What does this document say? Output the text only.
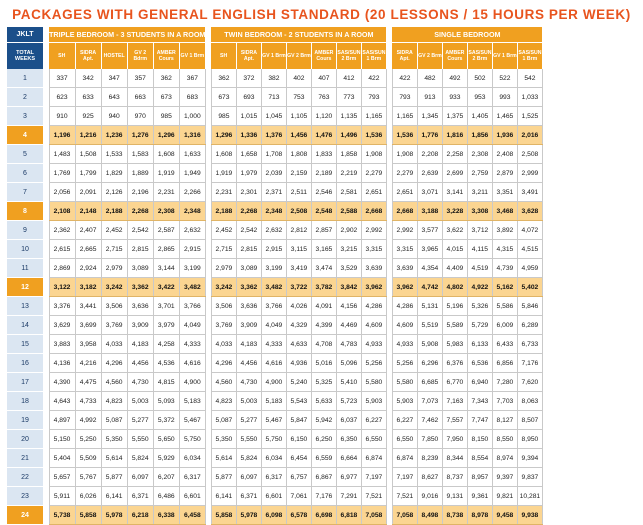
PACKAGES WITH GENERAL ENGLISH STANDARD (20 LESSONS / 15 HOURS PER WEEK)
JKLT		TRIPLE BEDROOM - 3 STUDENTS IN A ROOM							TWIN BEDROOM - 2 STUDENTS IN A ROOM								SINGLE BEDROOM					
TOTAL WEEKS		SH	SIDRA Apt.	HOSTEL	GV 2 Bdrm	AMBER Cours	GV 1 Brm		SH	SIDRA Apt.	GV 1 Brm	GV 2 Brm	AMBER Cours	SAS/SUN 2 Brm	SAS/SUN 1 Brm		SIDRA Apt.	GV 2 Brm	AMBER Cours	SAS/SUN 2 Brm	GV 1 Brm	SAS/SUN 1 Brm
1		337	342	347	357	362	367		362	372	382	402	407	412	422		422	482	492	502	522	542
2		623	633	643	663	673	683		673	693	713	753	763	773	793		793	913	933	953	993	1,033
3		910	925	940	970	985	1,000		985	1,015	1,045	1,105	1,120	1,135	1,165		1,165	1,345	1,375	1,405	1,465	1,525
4		1,196	1,216	1,236	1,276	1,296	1,316		1,296	1,336	1,376	1,456	1,476	1,496	1,536		1,536	1,776	1,816	1,856	1,936	2,016
5		1,483	1,508	1,533	1,583	1,608	1,633		1,608	1,658	1,708	1,808	1,833	1,858	1,908		1,908	2,208	2,258	2,308	2,408	2,508
6		1,769	1,799	1,829	1,889	1,919	1,949		1,919	1,979	2,039	2,159	2,189	2,219	2,279		2,279	2,639	2,699	2,759	2,879	2,999
7		2,056	2,091	2,126	2,196	2,231	2,266		2,231	2,301	2,371	2,511	2,546	2,581	2,651		2,651	3,071	3,141	3,211	3,351	3,491
8		2,108	2,148	2,188	2,268	2,308	2,348		2,188	2,268	2,348	2,508	2,548	2,588	2,668		2,668	3,188	3,228	3,308	3,468	3,628
9		2,362	2,407	2,452	2,542	2,587	2,632		2,452	2,542	2,632	2,812	2,857	2,902	2,992		2,992	3,577	3,622	3,712	3,892	4,072
10		2,615	2,665	2,715	2,815	2,865	2,915		2,715	2,815	2,915	3,115	3,165	3,215	3,315		3,315	3,965	4,015	4,115	4,315	4,515
11		2,869	2,924	2,979	3,089	3,144	3,199		2,979	3,089	3,199	3,419	3,474	3,529	3,639		3,639	4,354	4,409	4,519	4,739	4,959
12		3,122	3,182	3,242	3,362	3,422	3,482		3,242	3,362	3,482	3,722	3,782	3,842	3,962		3,962	4,742	4,802	4,922	5,162	5,402
13		3,376	3,441	3,506	3,636	3,701	3,766		3,506	3,636	3,766	4,026	4,091	4,156	4,286		4,286	5,131	5,196	5,326	5,586	5,846
14		3,629	3,699	3,769	3,909	3,979	4,049		3,769	3,909	4,049	4,329	4,399	4,469	4,609		4,609	5,519	5,589	5,729	6,009	6,289
15		3,883	3,958	4,033	4,183	4,258	4,333		4,033	4,183	4,333	4,633	4,708	4,783	4,933		4,933	5,908	5,983	6,133	6,433	6,733
16		4,136	4,216	4,296	4,456	4,536	4,616		4,296	4,456	4,616	4,936	5,016	5,096	5,256		5,256	6,296	6,376	6,536	6,856	7,176
17		4,390	4,475	4,560	4,730	4,815	4,900		4,560	4,730	4,900	5,240	5,325	5,410	5,580		5,580	6,685	6,770	6,940	7,280	7,620
18		4,643	4,733	4,823	5,003	5,093	5,183		4,823	5,003	5,183	5,543	5,633	5,723	5,903		5,903	7,073	7,163	7,343	7,703	8,063
19		4,897	4,992	5,087	5,277	5,372	5,467		5,087	5,277	5,467	5,847	5,942	6,037	6,227		6,227	7,462	7,557	7,747	8,127	8,507
20		5,150	5,250	5,350	5,550	5,650	5,750		5,350	5,550	5,750	6,150	6,250	6,350	6,550		6,550	7,850	7,950	8,150	8,550	8,950
21		5,404	5,509	5,614	5,824	5,929	6,034		5,614	5,824	6,034	6,454	6,559	6,664	6,874		6,874	8,239	8,344	8,554	8,974	9,394
22		5,657	5,767	5,877	6,097	6,207	6,317		5,877	6,097	6,317	6,757	6,867	6,977	7,197		7,197	8,627	8,737	8,957	9,397	9,837
23		5,911	6,026	6,141	6,371	6,486	6,601		6,141	6,371	6,601	7,061	7,176	7,291	7,521		7,521	9,016	9,131	9,361	9,821	10,281
24		5,738	5,858	5,978	6,218	6,338	6,458		5,858	5,978	6,098	6,578	6,698	6,818	7,058		7,058	8,498	8,738	8,978	9,458	9,938
